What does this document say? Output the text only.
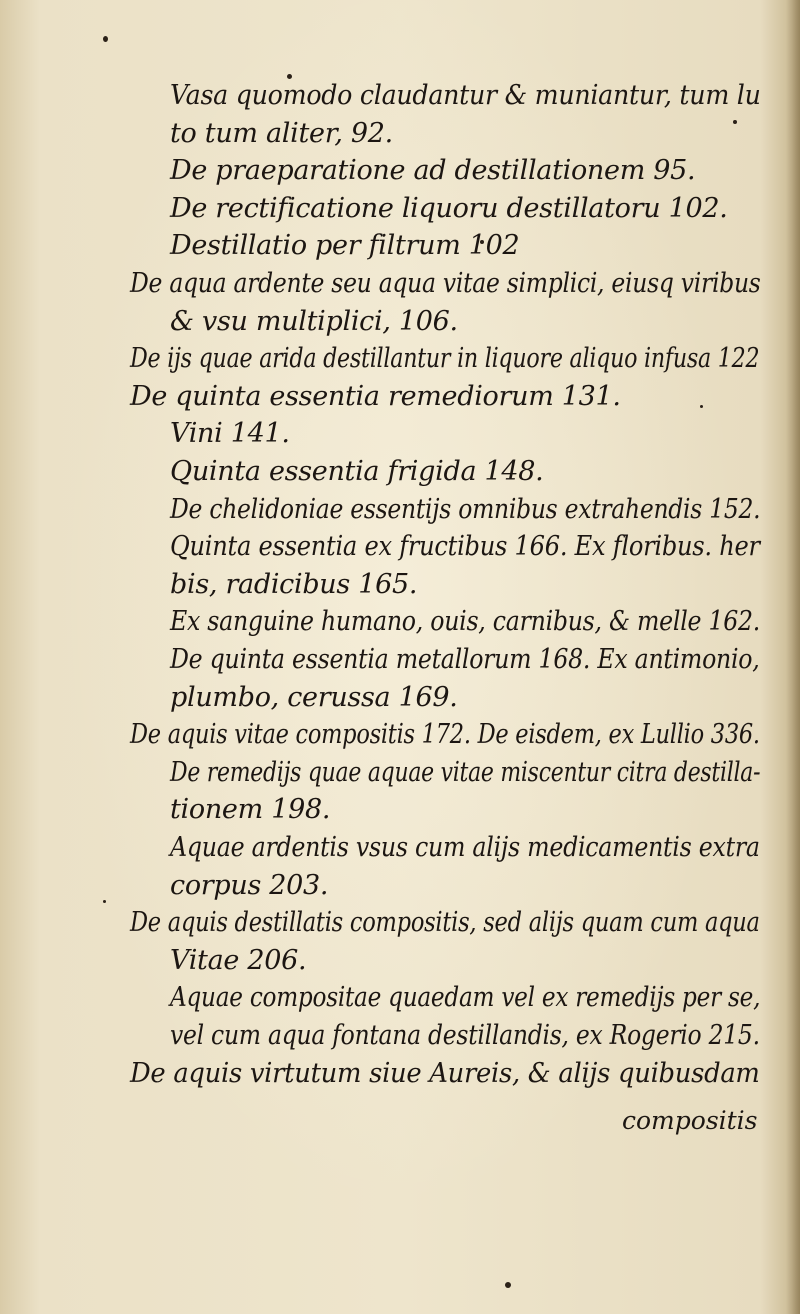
Vasa quomodo claudantur & muniantur, tum lu
to tum aliter, 92.
De praeparatione ad destillationem 95.
De rectificatione liquoru destillatoru 102.
Destillatio per filtrum 102
De aqua ardente seu aqua vitae simplici, eiusq viribus
& vsu multiplici, 106.
De ijs quae arida destillantur in liquore aliquo infusa 122
De quinta essentia remediorum 131.
Vini 141.
Quinta essentia frigida 148.
De chelidoniae essentijs omnibus extrahendis 152.
Quinta essentia ex fructibus 166. Ex floribus. her
bis, radicibus 165.
Ex sanguine humano, ouis, carnibus, & melle 162.
De quinta essentia metallorum 168. Ex antimonio,
plumbo, cerussa 169.
De aquis vitae compositis 172. De eisdem, ex Lullio 336.
De remedijs quae aquae vitae miscentur citra destilla-
tionem 198.
Aquae ardentis vsus cum alijs medicamentis extra
corpus 203.
De aquis destillatis compositis, sed alijs quam cum aqua
Vitae 206.
Aquae compositae quaedam vel ex remedijs per se,
vel cum aqua fontana destillandis, ex Rogerio 215.
De aquis virtutum siue Aureis, & alijs quibusdam
compositis
